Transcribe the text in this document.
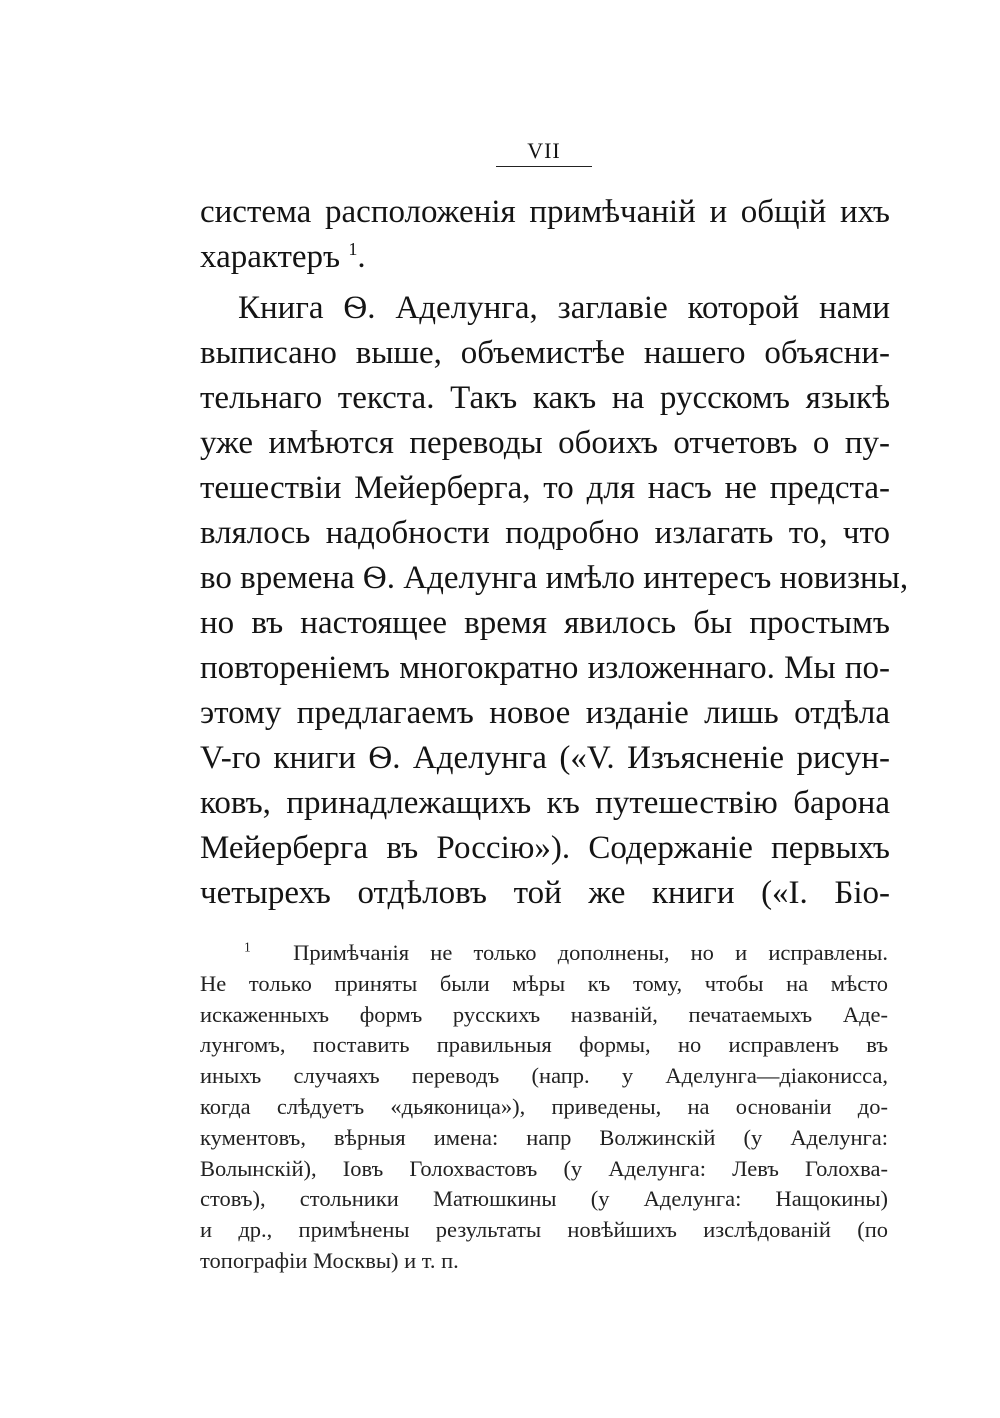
VII
система расположенія примѣчаній и общій ихъ
характеръ $^1$.
Книга Ѳ. Аделунга, заглавіе которой нами
выписано выше, объемистѣе нашего объясни-
тельнаго текста. Такъ какъ на русскомъ языкѣ
уже имѣются переводы обоихъ отчетовъ о пу-
тешествіи Мейерберга, то для насъ не предста-
влялось надобности подробно излагать то, что
во времена Ѳ. Аделунга имѣло интересъ новизны,
но въ настоящее время явилось бы простымъ
повтореніемъ многократно изложеннаго. Мы по-
этому предлагаемъ новое изданіе лишь отдѣла
V-го книги Ѳ. Аделунга («V. Изъясненіе рисун-
ковъ, принадлежащихъ къ путешествію барона
Мейерберга въ Россію»). Содержаніе первыхъ
четырехъ отдѣловъ той же книги («I. Біо-
$^1$ Примѣчанія не только дополнены, но и исправлены.
Не только приняты были мѣры къ тому, чтобы на мѣсто
искаженныхъ формъ русскихъ названій, печатаемыхъ Аде-
лунгомъ, поставить правильныя формы, но исправленъ въ
иныхъ случаяхъ переводъ (напр. у Аделунга—діакониcса,
когда слѣдуетъ «дьяконица»), приведены, на основаніи до-
кументовъ, вѣрныя имена: напр Волжинскій (у Аделунга:
Волынскій), Іовъ Голохвастовъ (у Аделунга: Левъ Голохва-
стовъ), стольники Матюшкины (у Аделунга: Нащокины)
и др., примѣнены результаты новѣйшихъ изслѣдованій (по
топографіи Москвы) и т. п.
